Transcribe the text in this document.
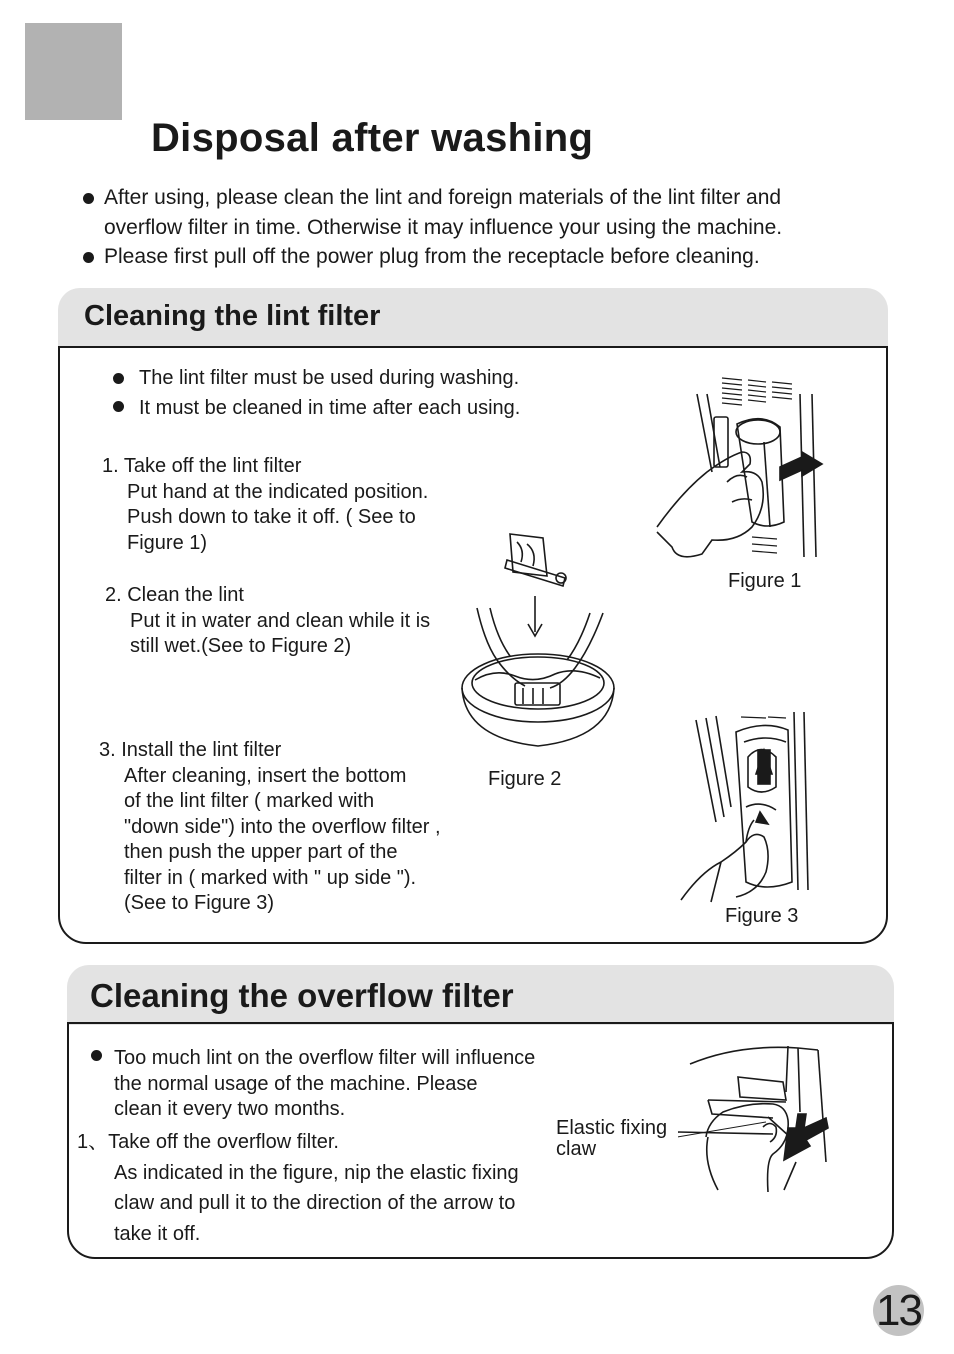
Disposal after washing
After using, please clean the lint and foreign materials of the lint filter and
overflow filter in time. Otherwise it may influence your using the machine.
Please first pull off the power plug from the receptacle before cleaning.
Cleaning the lint filter
The lint filter must be used during washing.
It must be cleaned in time after each using.
1. Take off the lint filter
Put hand at the indicated position.
Push down to take it off. ( See to
Figure 1)
2. Clean the lint
Put it in water and clean while it is
still wet.(See to Figure 2)
3. Install the lint filter
After cleaning, insert the bottom
of the lint filter ( marked with
"down side") into the overflow filter ,
then push the upper part of the
filter in ( marked with " up side ").
(See to Figure 3)
Figure 1
Figure 2
Figure 3
Cleaning the overflow filter
Too much lint on the overflow filter will influence
the normal usage of the machine. Please
clean it every two months.
1、Take off the overflow filter.
As indicated in the figure, nip the elastic fixing
claw and pull it to the direction of the arrow to
take it off.
Elastic fixing
claw
13
